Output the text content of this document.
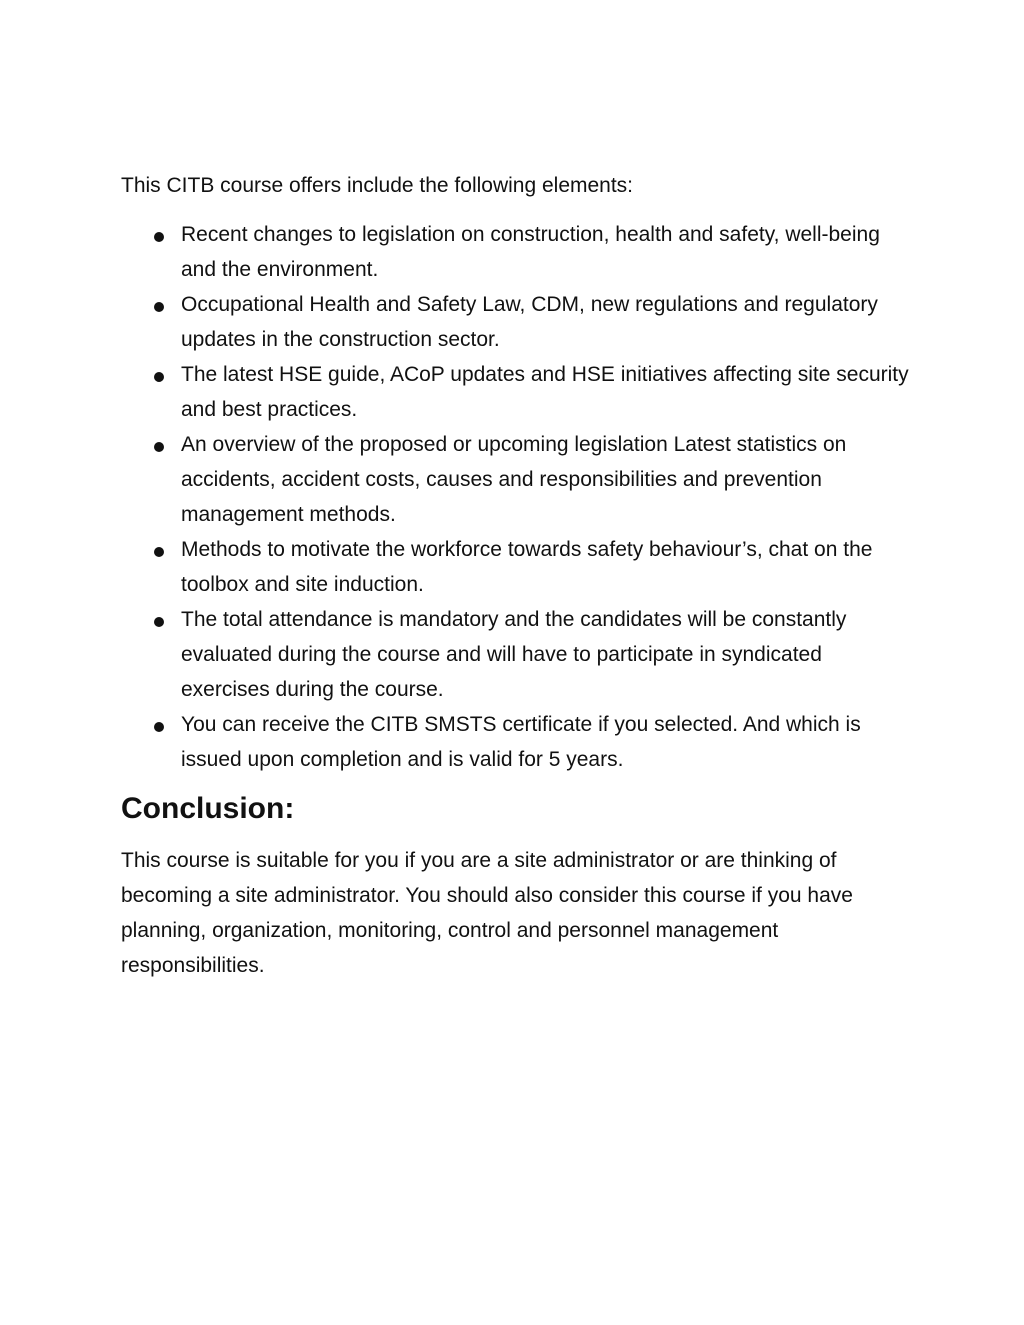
This CITB course offers include the following elements:

Recent changes to legislation on construction, health and safety, well-being and the environment.
Occupational Health and Safety Law, CDM, new regulations and regulatory updates in the construction sector.
The latest HSE guide, ACoP updates and HSE initiatives affecting site security and best practices.
An overview of the proposed or upcoming legislation Latest statistics on accidents, accident costs, causes and responsibilities and prevention management methods.
Methods to motivate the workforce towards safety behaviour’s, chat on the toolbox and site induction.
The total attendance is mandatory and the candidates will be constantly evaluated during the course and will have to participate in syndicated exercises during the course.
You can receive the CITB SMSTS certificate if you selected. And which is issued upon completion and is valid for 5 years.
Conclusion:

This course is suitable for you if you are a site administrator or are thinking of becoming a site administrator. You should also consider this course if you have planning, organization, monitoring, control and personnel management responsibilities.
